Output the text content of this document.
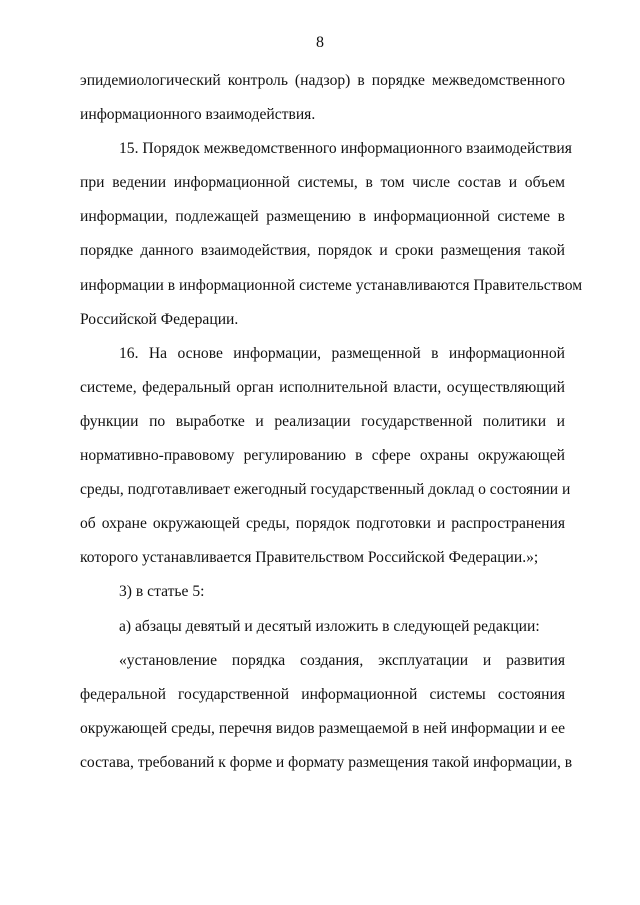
8
эпидемиологический контроль (надзор) в порядке межведомственного
информационного взаимодействия.
15. Порядок межведомственного информационного взаимодействия
при ведении информационной системы, в том числе состав и объем
информации, подлежащей размещению в информационной системе в
порядке данного взаимодействия, порядок и сроки размещения такой
информации в информационной системе устанавливаются Правительством
Российской Федерации.
16. На основе информации, размещенной в информационной
системе, федеральный орган исполнительной власти, осуществляющий
функции по выработке и реализации государственной политики и
нормативно-правовому регулированию в сфере охраны окружающей
среды, подготавливает ежегодный государственный доклад о состоянии и
об охране окружающей среды, порядок подготовки и распространения
которого устанавливается Правительством Российской Федерации.»;
3) в статье 5:
а) абзацы девятый и десятый изложить в следующей редакции:
«установление порядка создания, эксплуатации и развития
федеральной государственной информационной системы состояния
окружающей среды, перечня видов размещаемой в ней информации и ее
состава, требований к форме и формату размещения такой информации, в
